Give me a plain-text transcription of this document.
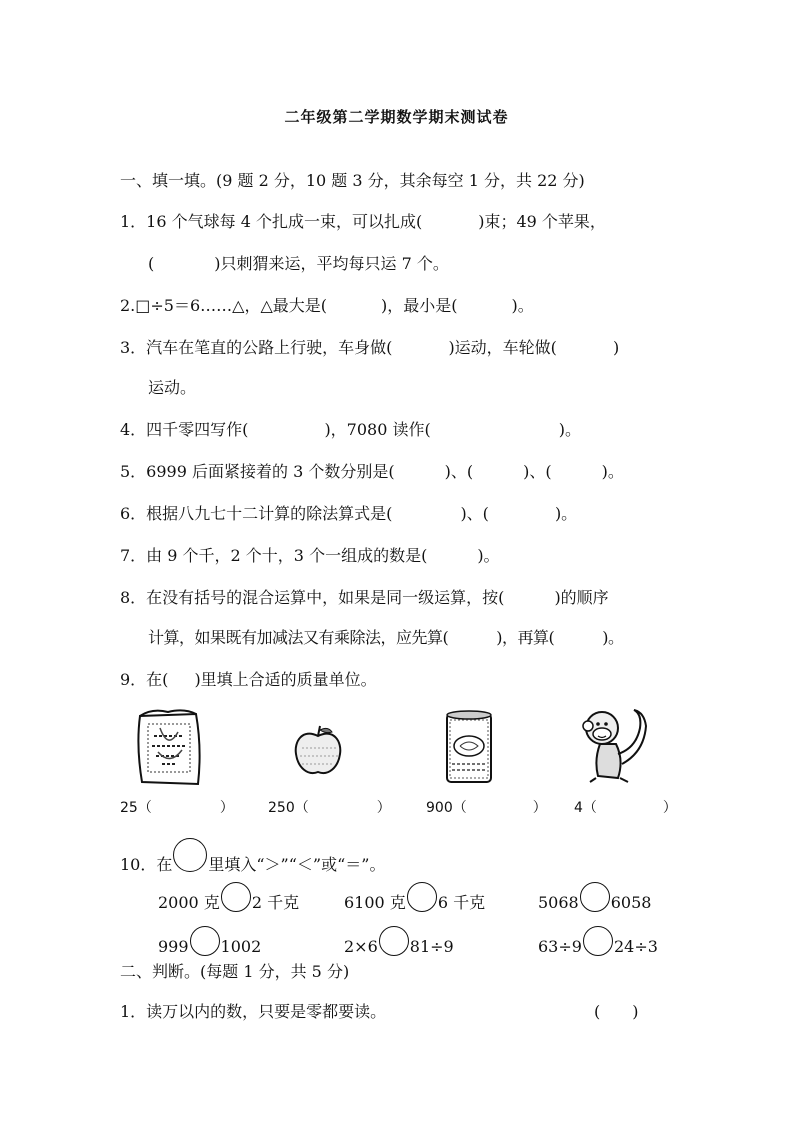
二年级第二学期数学期末测试卷
一、填一填。(9 题 2 分，10 题 3 分，其余每空 1 分，共 22 分)
1．16 个气球每 4 个扎成一束，可以扎成(	)束；49 个苹果，
(	)只刺猬来运，平均每只运 7 个。
2.□÷5＝6……△，△最大是(	)，最小是(	)。
3．汽车在笔直的公路上行驶，车身做(	)运动，车轮做(	)
运动。
4．四千零四写作(	)，7080 读作(	)。
5．6999 后面紧接着的 3 个数分别是(	)、(	)、(	)。
6．根据八九七十二计算的除法算式是(	)、(	)。
7．由 9 个千，2 个十，3 个一组成的数是(	)。
8．在没有括号的混合运算中，如果是同一级运算，按(	)的顺序
计算，如果既有加减法又有乘除法，应先算(	)，再算(	)。
9．在( )里填上合适的质量单位。
25（	） 250（	）	900（	） 4（	）
10．在 里填入“＞”“＜”或“＝”。
2000 克 2 千克	6100 克 6 千克	5068 6058
999 1002	2×6 81÷9	63÷9 24÷3
二、判断。(每题 1 分，共 5 分)
1．读万以内的数，只要是零都要读。	(　　)
